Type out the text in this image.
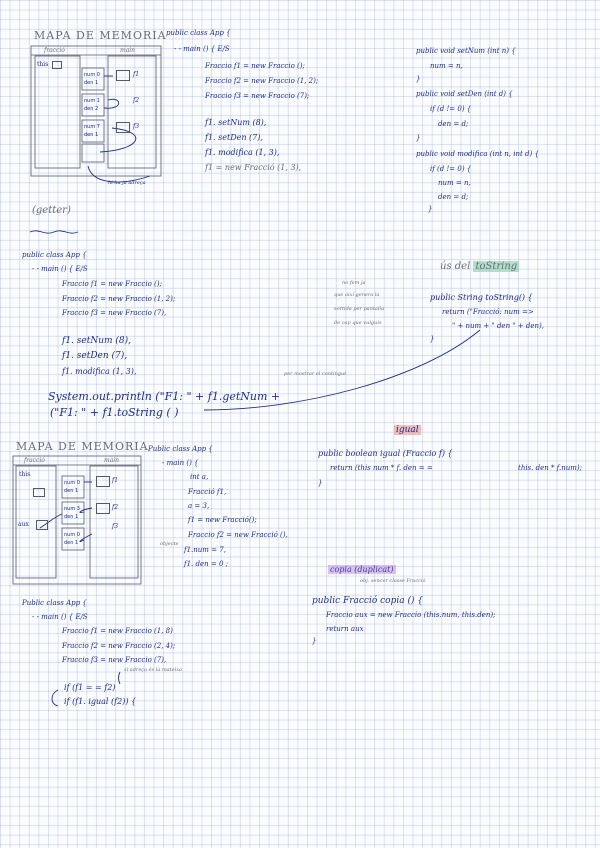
MAPA DE MEMORIA
fracció	main
this
num 0
den 1
num 1
den 2
num 7
den 1
f1
f2
f3
hi ha ja adreça
public class App {
- - main () { E/S
Fraccio f1 = new Fraccio ();
Fraccio f2 = new Fraccio (1, 2);
Fraccio f3 = new Fraccio (7);
f1. setNum (8),
f1. setDen (7),
f1. modifica (1, 3),
f1 = new Fracció (1, 3),
public void setNum (int n) {
num = n,
}
public void setDen (int d) {
if (d != 0) {
den = d;
}
public void modifica (int n, int d) {
if (d != 0) {
num = n,
den = d;
}
(getter)
public class App {
- - main () { E/S
Fraccio f1 = new Fraccio ();
Fraccio f2 = new Fraccio (1, 2);
Fraccio f3 = new Fraccio (7),
f1. setNum (8),
f1. setDen (7),
f1. modifica (1, 3),	per mostrar el contingut
System.out.println ("F1: " + f1.getNum +
("F1: " + f1.toString ( )
no fem ja
que així genera la
sortida per pantalla
de cap que vulguis
ús del toString
public String toString() {
return ("Fracció: num =>
" + num + " den " + den),
}
MAPA DE MEMORIA
fracció	main
this
aux
num 0
den 1
num 3
den 1
num 0
den 1
f1
f2
f3
Public class App {
- main () {
int a,
Fracció f1,
a = 3,
f1 = new Fracció();
Fraccio f2 = new Fracció (),
objecte
f1.num = 7,
f1. den = 0 ;
igual
public boolean igual (Fraccio f) {
return (this num * f. den = =	this. den * f.num);
}
Public class App {
- - main () { E/S
Fraccio f1 = new Fraccio (1, 8)
Fraccio f2 = new Fraccio (2, 4);
Fraccio f3 = new Fraccio (7),
si adreça és la mateixa
if (f1 = = f2)
if (f1. igual (f2)) {
copia (duplicat)
obj. sencer classe Fracció
public Fracció copia () {
Fraccio aux = new Fraccio (this.num, this.den);
return aux
}
